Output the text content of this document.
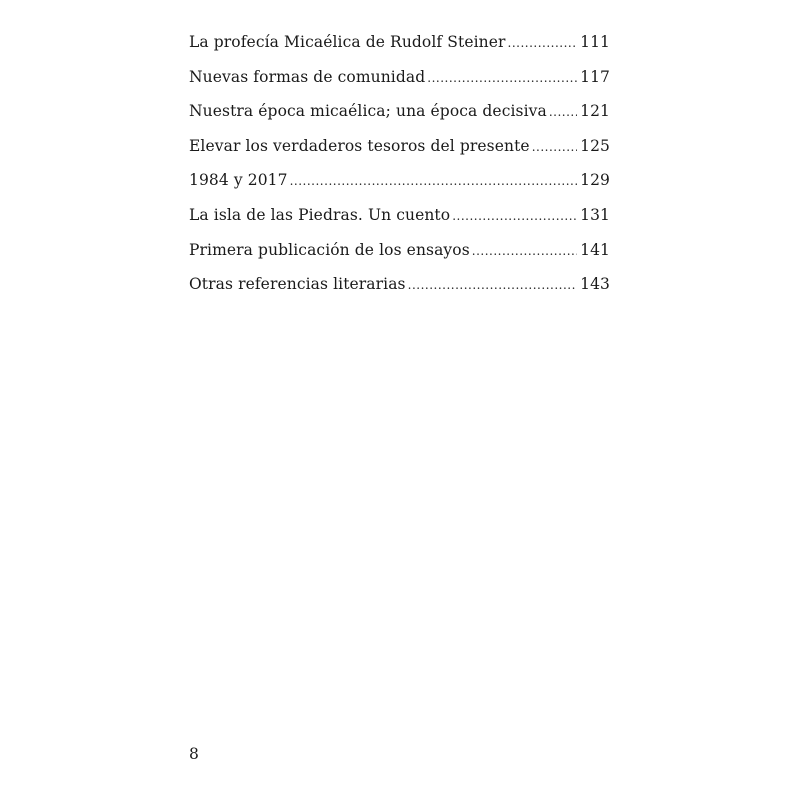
La profecía Micaélica de Rudolf Steiner .....	111
Nuevas formas de comunidad .....	117
Nuestra época micaélica; una época decisiva ..... 121
Elevar los verdaderos tesoros del presente .....	125
1984 y 2017 .....	129
La isla de las Piedras. Un cuento .....	131
Primera publicación de los ensayos .....	141
Otras referencias literarias .....	143
8
